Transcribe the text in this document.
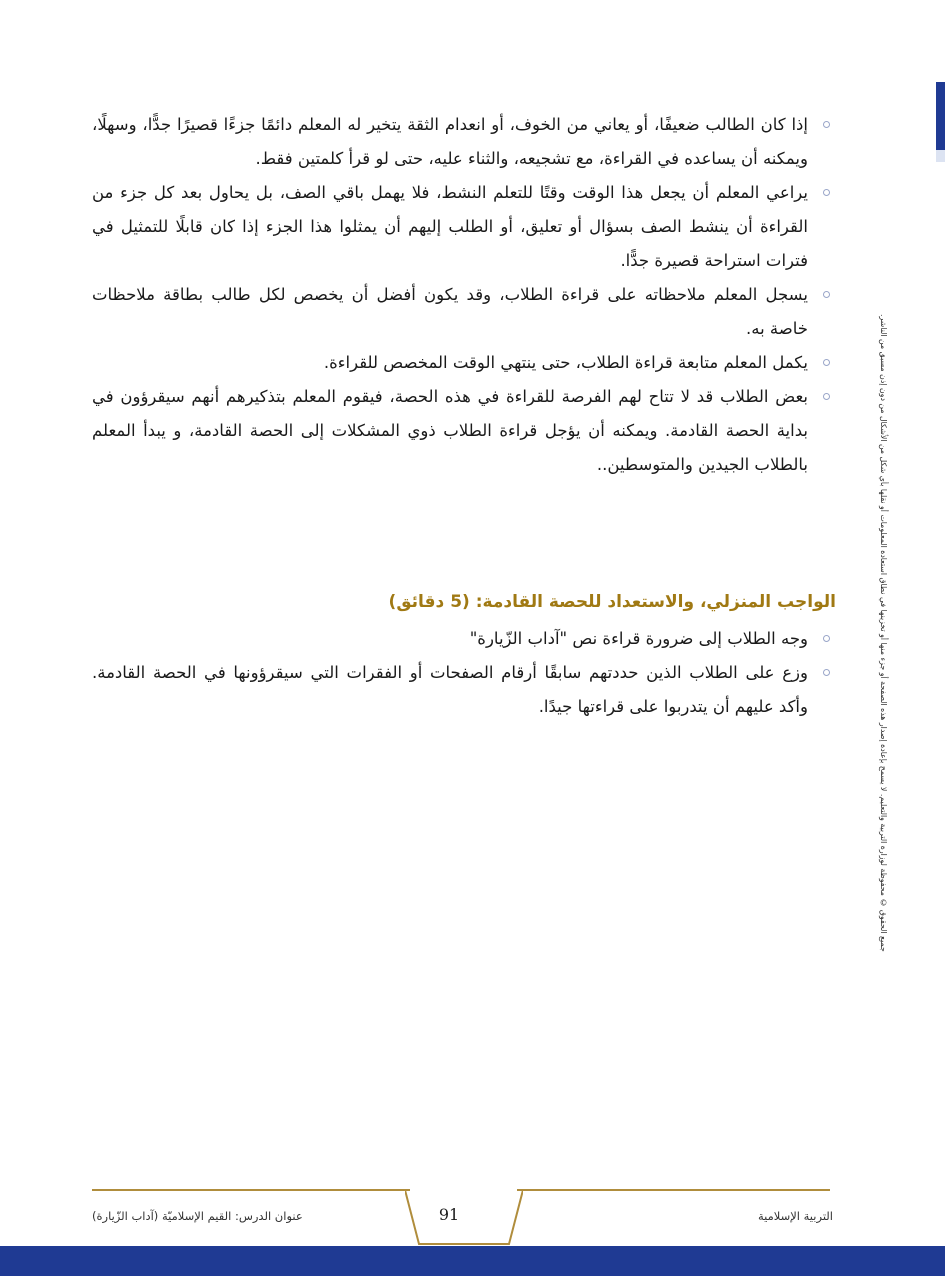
جميع الحقوق © محفوظة لوزارة التربية والتعليم. لا يسمح بإعادة إصدار هذه الصفحة أو جزء منها أو تخزينها في نطاق استعادة المعلومات أو نقلها بأي شكل من الأشكال من دون إذن مسبق من الناشر.
إذا كان الطالب ضعيفًا، أو يعاني من الخوف، أو انعدام الثقة يتخير له المعلم دائمًا جزءًا قصيرًا جدًّا، وسهلًا، ويمكنه أن يساعده في القراءة، مع تشجيعه، والثناء عليه، حتى لو قرأ كلمتين فقط.
يراعي المعلم أن يجعل هذا الوقت وقتًا للتعلم النشط، فلا يهمل باقي الصف، بل يحاول بعد كل جزء من القراءة أن ينشط الصف بسؤال أو تعليق، أو الطلب إليهم أن يمثلوا هذا الجزء إذا كان قابلًا للتمثيل في فترات استراحة قصيرة جدًّا.
يسجل المعلم ملاحظاته على قراءة الطلاب، وقد يكون أفضل أن يخصص لكل طالب بطاقة ملاحظات خاصة به.
يكمل المعلم متابعة قراءة الطلاب، حتى ينتهي الوقت المخصص للقراءة.
بعض الطلاب قد لا تتاح لهم الفرصة للقراءة في هذه الحصة، فيقوم المعلم بتذكيرهم أنهم سيقرؤون في بداية الحصة القادمة. ويمكنه أن يؤجل قراءة الطلاب ذوي المشكلات إلى الحصة القادمة، و يبدأ المعلم بالطلاب الجيدين والمتوسطين..
الواجب المنزلي، والاستعداد للحصة القادمة: (5 دقائق)
وجه الطلاب إلى ضرورة قراءة نص "آداب الزّيارة"
وزع على الطلاب الذين حددتهم سابقًا أرقام الصفحات أو الفقرات التي سيقرؤونها في الحصة القادمة. وأكد عليهم أن يتدربوا على قراءتها جيدًا.
91	التربية الإسلامية
عنوان الدرس: القيم الإسلاميّة (آداب الزّيارة)
